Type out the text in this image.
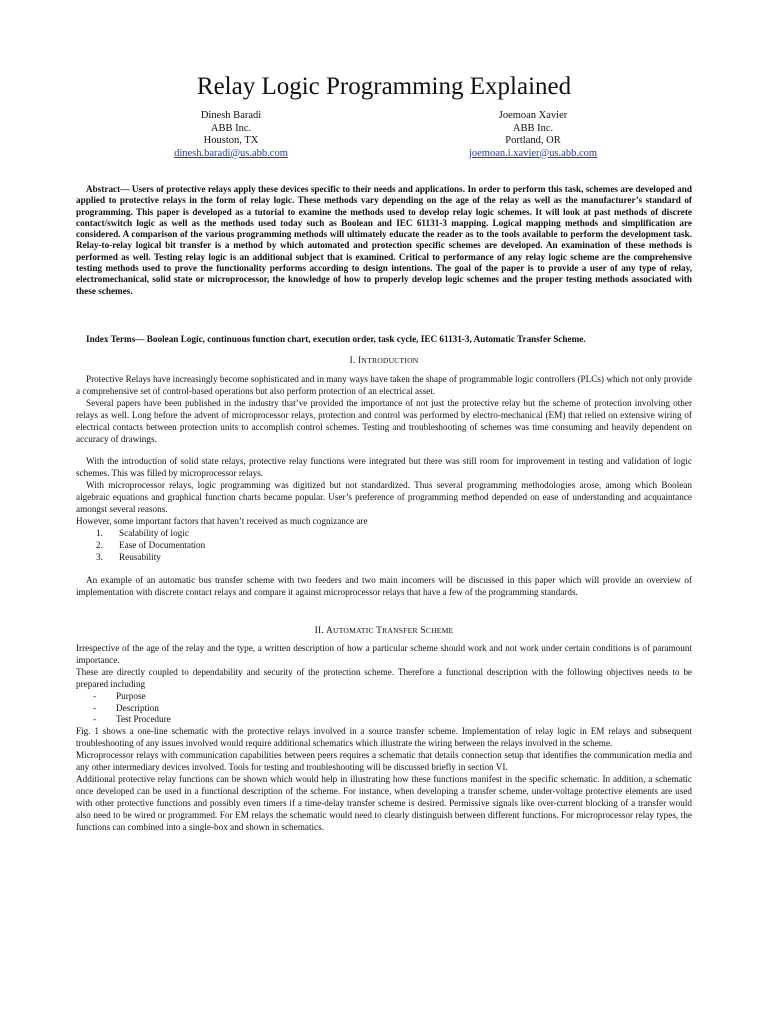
Relay Logic Programming Explained
Dinesh Baradi
ABB Inc.
Houston, TX
dinesh.baradi@us.abb.com
Joemoan Xavier
ABB Inc.
Portland, OR
joemoan.i.xavier@us.abb.com
Abstract— Users of protective relays apply these devices specific to their needs and applications. In order to perform this task, schemes are developed and applied to protective relays in the form of relay logic. These methods vary depending on the age of the relay as well as the manufacturer’s standard of programming. This paper is developed as a tutorial to examine the methods used to develop relay logic schemes. It will look at past methods of discrete contact/switch logic as well as the methods used today such as Boolean and IEC 61131-3 mapping. Logical mapping methods and simplification are considered. A comparison of the various programming methods will ultimately educate the reader as to the tools available to perform the development task. Relay-to-relay logical bit transfer is a method by which automated and protection specific schemes are developed. An examination of these methods is performed as well. Testing relay logic is an additional subject that is examined. Critical to performance of any relay logic scheme are the comprehensive testing methods used to prove the functionality performs according to design intentions. The goal of the paper is to provide a user of any type of relay, electromechanical, solid state or microprocessor, the knowledge of how to properly develop logic schemes and the proper testing methods associated with these schemes.
Index Terms— Boolean Logic, continuous function chart, execution order, task cycle, IEC 61131-3, Automatic Transfer Scheme.
I. INTRODUCTION

Protective Relays have increasingly become sophisticated and in many ways have taken the shape of programmable logic controllers (PLCs) which not only provide a comprehensive set of control-based operations but also perform protection of an electrical asset.

Several papers have been published in the industry that’ve provided the importance of not just the protective relay but the scheme of protection involving other relays as well. Long before the advent of microprocessor relays, protection and control was performed by electro-mechanical (EM) that relied on extensive wiring of electrical contacts between protection units to accomplish control schemes. Testing and troubleshooting of schemes was time consuming and heavily dependent on accuracy of drawings.

With the introduction of solid state relays, protective relay functions were integrated but there was still room for improvement in testing and validation of logic schemes. This was filled by microprocessor relays.

With microprocessor relays, logic programming was digitized but not standardized. Thus several programming methodologies arose, among which Boolean algebraic equations and graphical function charts became popular. User’s preference of programming method depended on ease of understanding and acquaintance amongst several reasons.

However, some important factors that haven’t received as much cognizance are

1.	Scalability of logic
2.	Ease of Documentation
3.	Reusability

An example of an automatic bus transfer scheme with two feeders and two main incomers will be discussed in this paper which will provide an overview of implementation with discrete contact relays and compare it against microprocessor relays that have a few of the programming standards.

II. AUTOMATIC TRANSFER SCHEME

Irrespective of the age of the relay and the type, a written description of how a particular scheme should work and not work under certain conditions is of paramount importance.

These are directly coupled to dependability and security of the protection scheme. Therefore a functional description with the following objectives needs to be prepared including

- Purpose
- Description
- Test Procedure

Fig. 1 shows a one-line schematic with the protective relays involved in a source transfer scheme. Implementation of relay logic in EM relays and subsequent troubleshooting of any issues involved would require additional schematics which illustrate the wiring between the relays involved in the scheme.

Microprocessor relays with communication capabilities between peers requires a schematic that details connection setup that identifies the communication media and any other intermediary devices involved. Tools for testing and troubleshooting will be discussed briefly in section VI.

Additional protective relay functions can be shown which would help in illustrating how these functions manifest in the specific schematic. In addition, a schematic once developed can be used in a functional description of the scheme. For instance, when developing a transfer scheme, under-voltage protective elements are used with other protective functions and possibly even timers if a time-delay transfer scheme is desired. Permissive signals like over-current blocking of a transfer would also need to be wired or programmed. For EM relays the schematic would need to clearly distinguish between different functions. For microprocessor relay types, the functions can combined into a single-box and shown in schematics.
